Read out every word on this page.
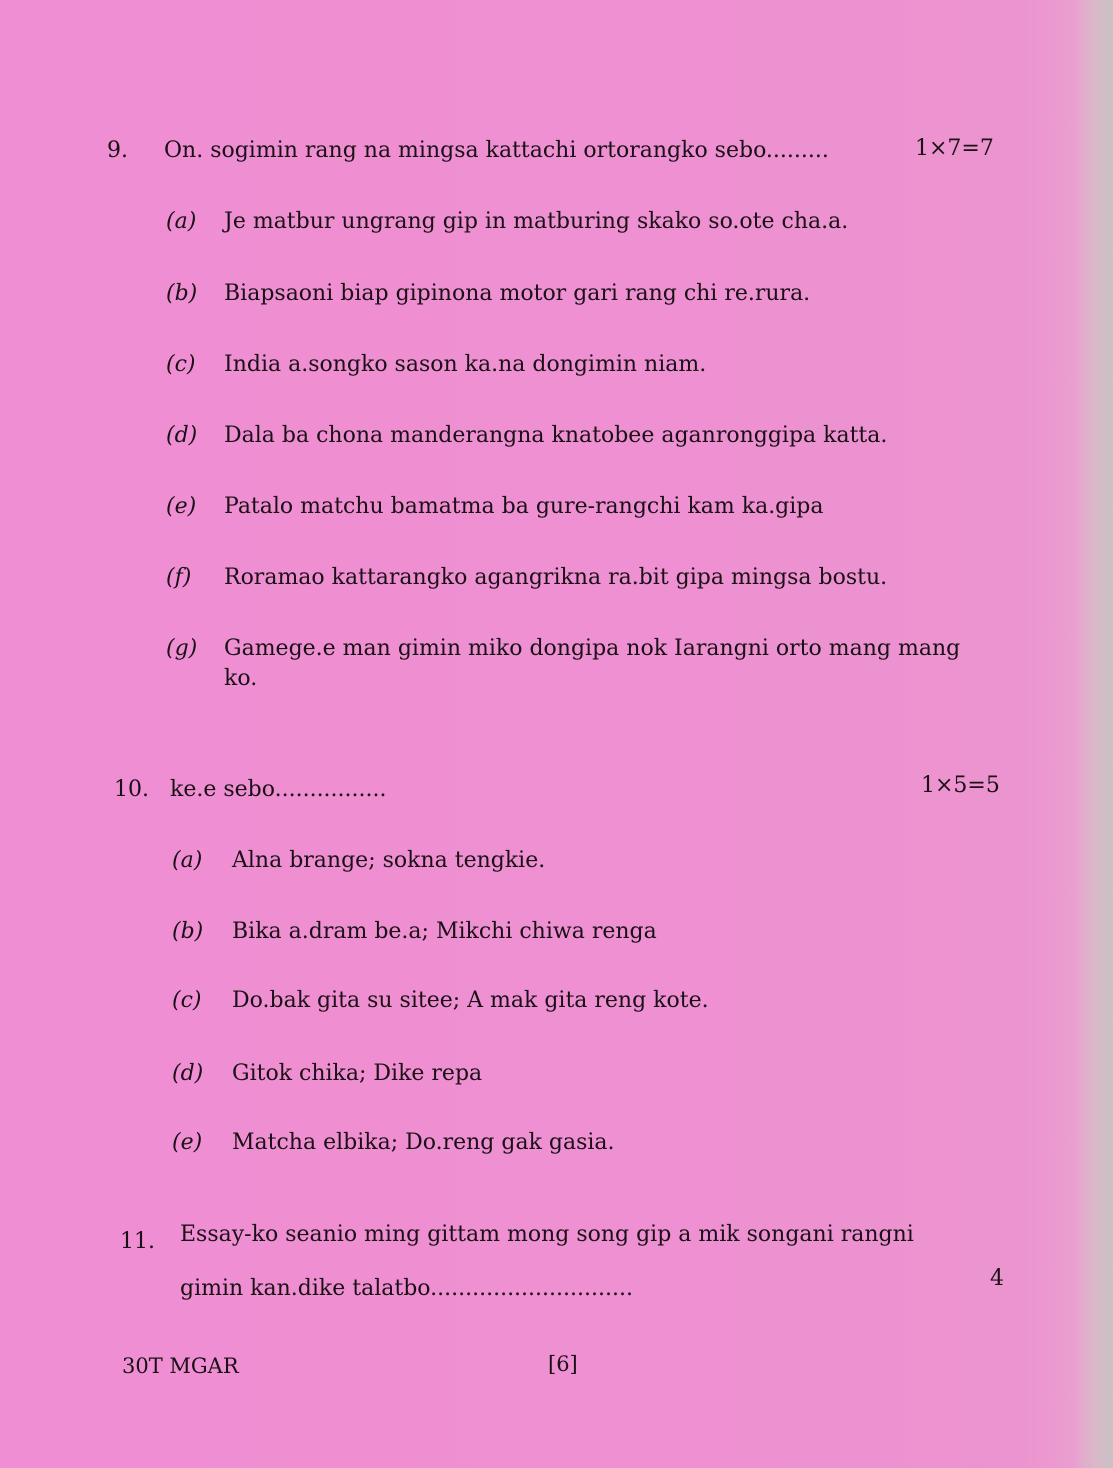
9. On. sogimin rang na mingsa kattachi ortorangko sebo.........	1×7=7
(a) Je matbur ungrang gip in matburing skako so.ote cha.a.
(b) Biapsaoni biap gipinona motor gari rang chi re.rura.
(c) India a.songko sason ka.na dongimin niam.
(d) Dala ba chona manderangna knatobee aganronggipa katta.
(e) Patalo matchu bamatma ba gure-rangchi kam ka.gipa
(f) Roramao kattarangko agangrikna ra.bit gipa mingsa bostu.
(g) Gamege.e man gimin miko dongipa nok Iarangni orto mang mang ko.
10. ke.e sebo................	1×5=5
(a) Alna brange; sokna tengkie.
(b) Bika a.dram be.a; Mikchi chiwa renga
(c) Do.bak gita su sitee; A mak gita reng kote.
(d) Gitok chika; Dike repa
(e) Matcha elbika; Do.reng gak gasia.
11. Essay-ko seanio ming gittam mong song gip a mik songani rangni
gimin kan.dike talatbo.............................	4
30T MGAR	[6]
